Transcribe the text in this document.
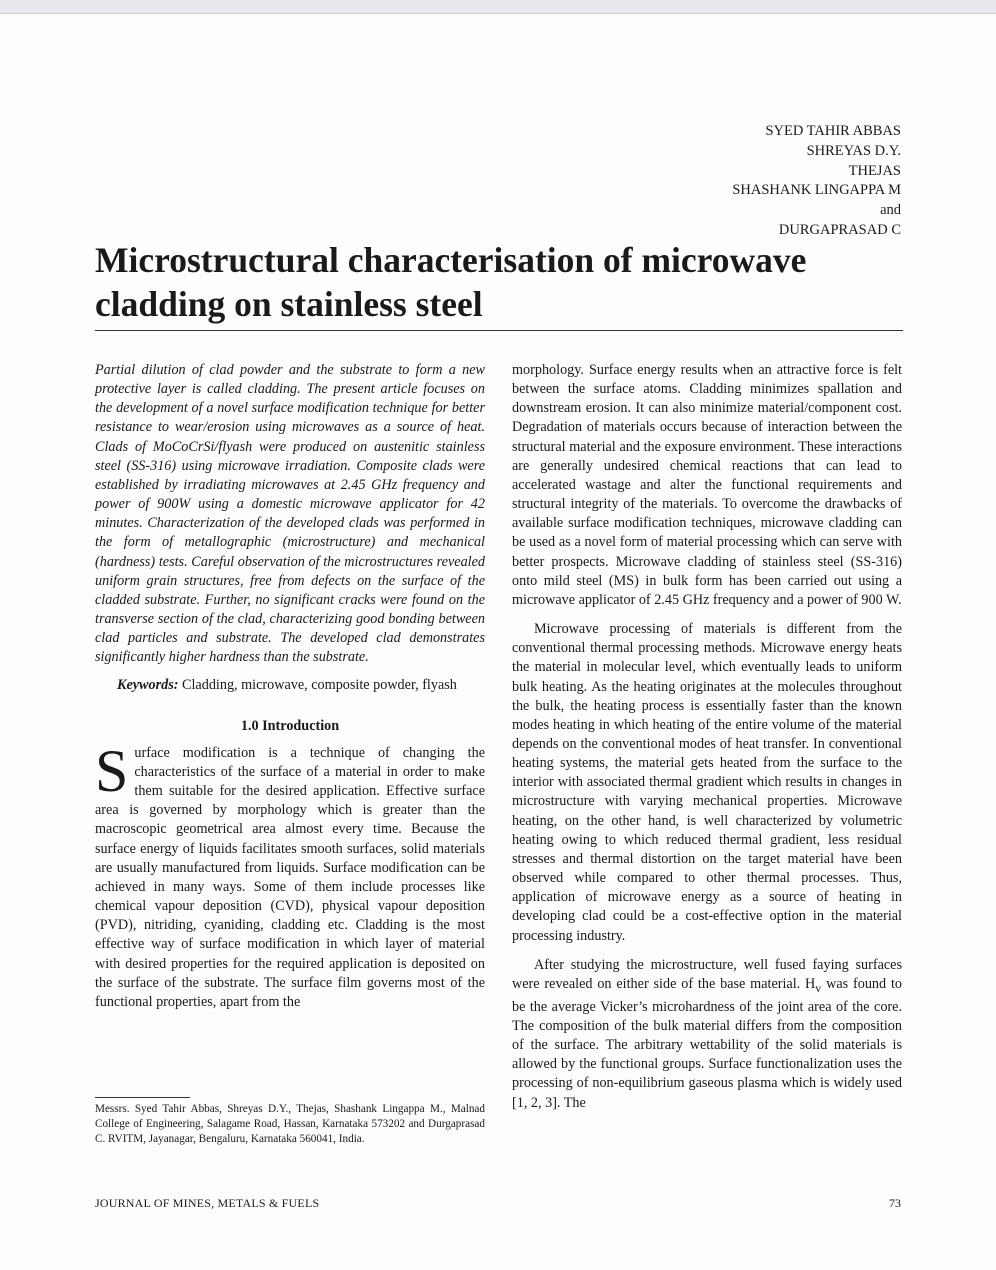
SYED TAHIR ABBAS
SHREYAS D.Y.
THEJAS
SHASHANK LINGAPPA M
and
DURGAPRASAD C
Microstructural characterisation of microwave cladding on stainless steel

Partial dilution of clad powder and the substrate to form a new protective layer is called cladding. The present article focuses on the development of a novel surface modification technique for better resistance to wear/erosion using microwaves as a source of heat. Clads of MoCoCrSi/flyash were produced on austenitic stainless steel (SS-316) using microwave irradiation. Composite clads were established by irradiating microwaves at 2.45 GHz frequency and power of 900W using a domestic microwave applicator for 42 minutes. Characterization of the developed clads was performed in the form of metallographic (microstructure) and mechanical (hardness) tests. Careful observation of the microstructures revealed uniform grain structures, free from defects on the surface of the cladded substrate. Further, no significant cracks were found on the transverse section of the clad, characterizing good bonding between clad particles and substrate. The developed clad demonstrates significantly higher hardness than the substrate.

Keywords: Cladding, microwave, composite powder, flyash

1.0 Introduction

Surface modification is a technique of changing the characteristics of the surface of a material in order to make them suitable for the desired application. Effective surface area is governed by morphology which is greater than the macroscopic geometrical area almost every time. Because the surface energy of liquids facilitates smooth surfaces, solid materials are usually manufactured from liquids. Surface modification can be achieved in many ways. Some of them include processes like chemical vapour deposition (CVD), physical vapour deposition (PVD), nitriding, cyaniding, cladding etc. Cladding is the most effective way of surface modification in which layer of material with desired properties for the required application is deposited on the surface of the substrate. The surface film governs most of the functional properties, apart from the

morphology. Surface energy results when an attractive force is felt between the surface atoms. Cladding minimizes spallation and downstream erosion. It can also minimize material/component cost. Degradation of materials occurs because of interaction between the structural material and the exposure environment. These interactions are generally undesired chemical reactions that can lead to accelerated wastage and alter the functional requirements and structural integrity of the materials. To overcome the drawbacks of available surface modification techniques, microwave cladding can be used as a novel form of material processing which can serve with better prospects. Microwave cladding of stainless steel (SS-316) onto mild steel (MS) in bulk form has been carried out using a microwave applicator of 2.45 GHz frequency and a power of 900 W.

Microwave processing of materials is different from the conventional thermal processing methods. Microwave energy heats the material in molecular level, which eventually leads to uniform bulk heating. As the heating originates at the molecules throughout the bulk, the heating process is essentially faster than the known modes heating in which heating of the entire volume of the material depends on the conventional modes of heat transfer. In conventional heating systems, the material gets heated from the surface to the interior with associated thermal gradient which results in changes in microstructure with varying mechanical properties. Microwave heating, on the other hand, is well characterized by volumetric heating owing to which reduced thermal gradient, less residual stresses and thermal distortion on the target material have been observed while compared to other thermal processes. Thus, application of microwave energy as a source of heating in developing clad could be a cost-effective option in the material processing industry.

After studying the microstructure, well fused faying surfaces were revealed on either side of the base material. $H_v$ was found to be the average Vicker’s microhardness of the joint area of the core. The composition of the bulk material differs from the composition of the surface. The arbitrary wettability of the solid materials is allowed by the functional groups. Surface functionalization uses the processing of non-equilibrium gaseous plasma which is widely used [1, 2, 3]. The

Messrs. Syed Tahir Abbas, Shreyas D.Y., Thejas, Shashank Lingappa M., Malnad College of Engineering, Salagame Road, Hassan, Karnataka 573202 and Durgaprasad C. RVITM, Jayanagar, Bengaluru, Karnataka 560041, India.
JOURNAL OF MINES, METALS & FUELS	73
